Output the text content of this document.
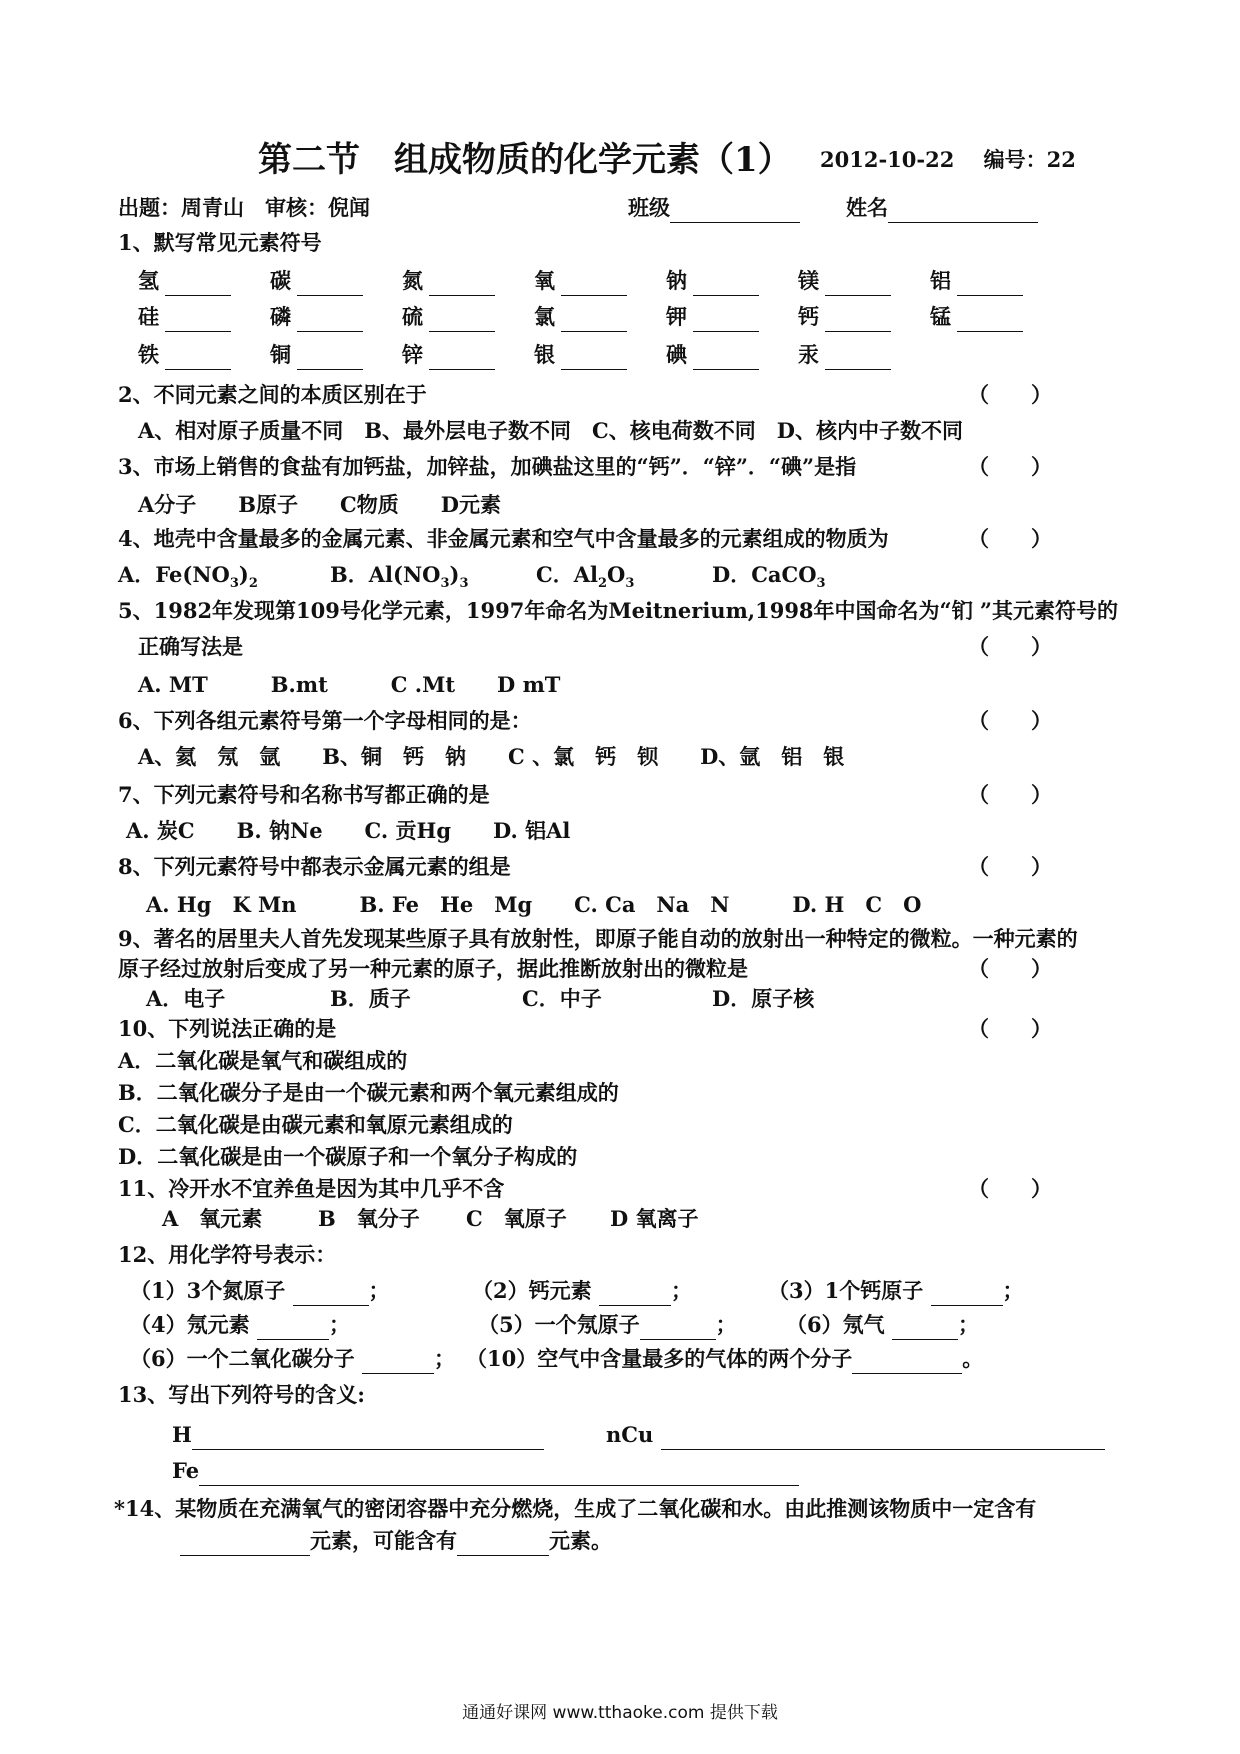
第二节　组成物质的化学元素（1） 2012-10-22 编号：22
出题：周青山　审核：倪闻	班级	姓名
1、默写常见元素符号
氢	碳	氮	氧	钠	镁	铝
硅	磷	硫	氯	钾	钙	锰
铁	铜	锌	银	碘	汞
2、不同元素之间的本质区别在于	（　　）
A、相对原子质量不同　B、最外层电子数不同　C、核电荷数不同　D、核内中子数不同
3、市场上销售的食盐有加钙盐，加锌盐，加碘盐这里的“钙”．“锌”．“碘”是指	（　　）
A分子　　B原子　　C物质　　D元素
4、地壳中含量最多的金属元素、非金属元素和空气中含量最多的元素组成的物质为	（　　）
A．$Fe(NO_3)_2$	B．$Al(NO_3)_3$	C．$Al_2O_3$	D．CaCO$_3$
5、1982年发现第109号化学元素，1997年命名为Meitnerium,1998年中国命名为“钔 ”其元素符号的
正确写法是	（　　）
A. MT　　　B.mt　　　C .Mt　　D mT
6、下列各组元素符号第一个字母相同的是：	（　　）
A、氦　氖　氩　　B、铜　钙　钠　　C 、氯　钙　钡　　D、氩　铝　银
7、下列元素符号和名称书写都正确的是	（　　）
A. 炭C　　B. 钠Ne　　C. 贡Hg　　D. 铝Al
8、下列元素符号中都表示金属元素的组是	（　　）
A. Hg　K Mn　　　B. Fe　He　Mg　　C. Ca　Na　N　　　D. H　C　O
9、著名的居里夫人首先发现某些原子具有放射性，即原子能自动的放射出一种特定的微粒。一种元素的
原子经过放射后变成了另一种元素的原子，据此推断放射出的微粒是	（　　）
A．电子	B．质子	C．中子	D．原子核
10、下列说法正确的是	（　　）
A．二氧化碳是氧气和碳组成的
B．二氧化碳分子是由一个碳元素和两个氧元素组成的
C．二氧化碳是由碳元素和氧原元素组成的
D．二氧化碳是由一个碳原子和一个氧分子构成的
11、冷开水不宜养鱼是因为其中几乎不含	（　　）
A　氧元素	B　氧分子 C　氧原子 D 氧离子
12、用化学符号表示：
（1）3个氮原子	；	（2）钙元素	；	（3）1个钙原子	；
（4）氖元素	；	（5）一个氖原子	； （6）氖气	；
（6）一个二氧化碳分子	； （10）空气中含量最多的气体的两个分子	。
13、写出下列符号的含义:
H	nCu
Fe
*14、某物质在充满氧气的密闭容器中充分燃烧，生成了二氧化碳和水。由此推测该物质中一定含有
元素，可能含有	元素。
通通好课网 www.tthaoke.com 提供下载
